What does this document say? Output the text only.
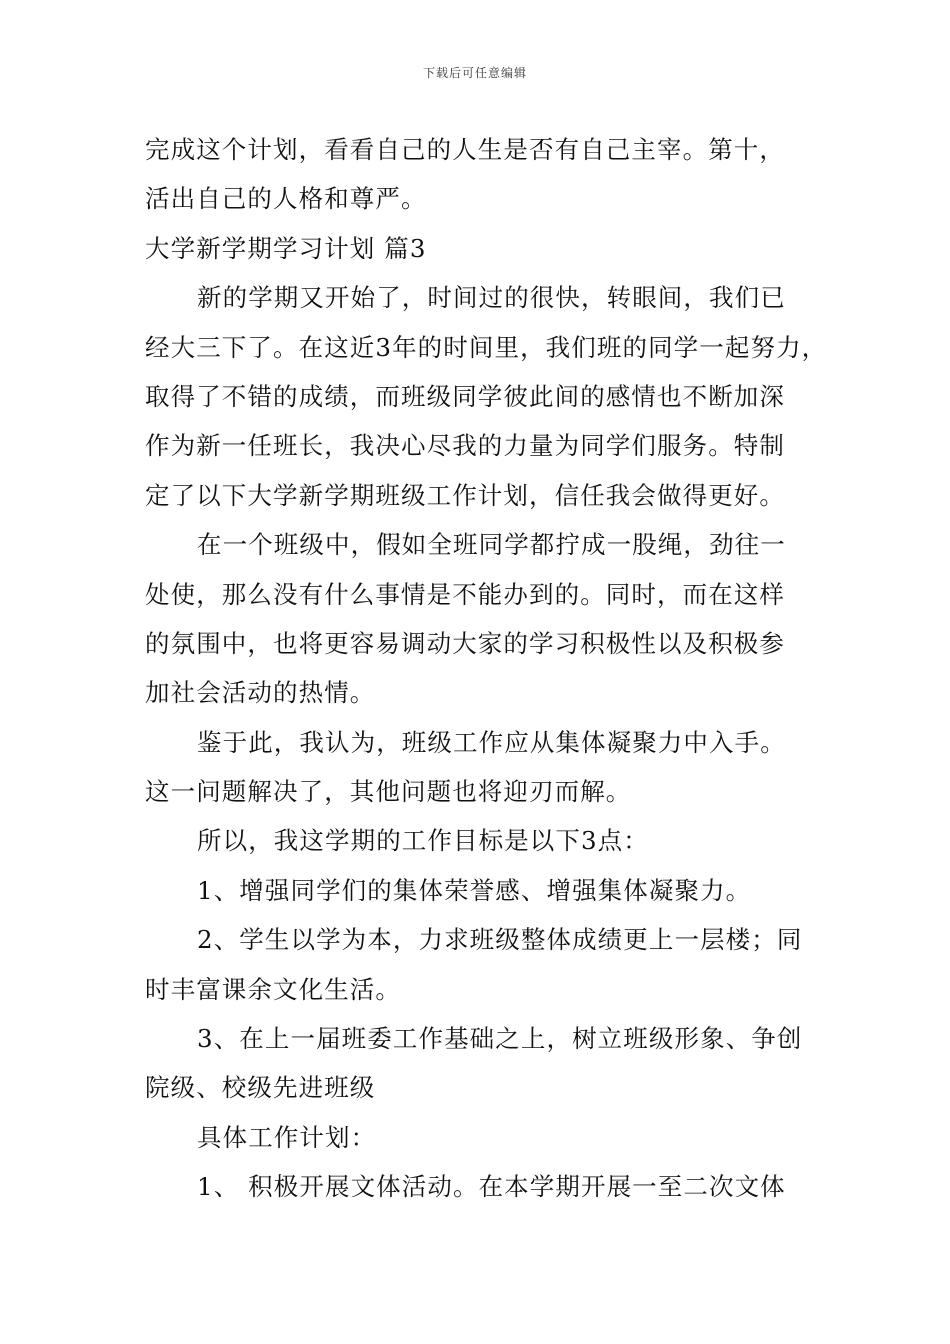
下载后可任意编辑
完成这个计划，看看自己的人生是否有自己主宰。第十，
活出自己的人格和尊严。
大学新学期学习计划 篇3
新的学期又开始了，时间过的很快，转眼间，我们已
经大三下了。在这近3年的时间里，我们班的同学一起努力，
取得了不错的成绩，而班级同学彼此间的感情也不断加深
作为新一任班长，我决心尽我的力量为同学们服务。特制
定了以下大学新学期班级工作计划，信任我会做得更好。
在一个班级中，假如全班同学都拧成一股绳，劲往一
处使，那么没有什么事情是不能办到的。同时，而在这样
的氛围中，也将更容易调动大家的学习积极性以及积极参
加社会活动的热情。
鉴于此，我认为，班级工作应从集体凝聚力中入手。
这一问题解决了，其他问题也将迎刃而解。
所以，我这学期的工作目标是以下3点：
1、增强同学们的集体荣誉感、增强集体凝聚力。
2、学生以学为本，力求班级整体成绩更上一层楼；同
时丰富课余文化生活。
3、在上一届班委工作基础之上，树立班级形象、争创
院级、校级先进班级
具体工作计划：
1、 积极开展文体活动。在本学期开展一至二次文体
